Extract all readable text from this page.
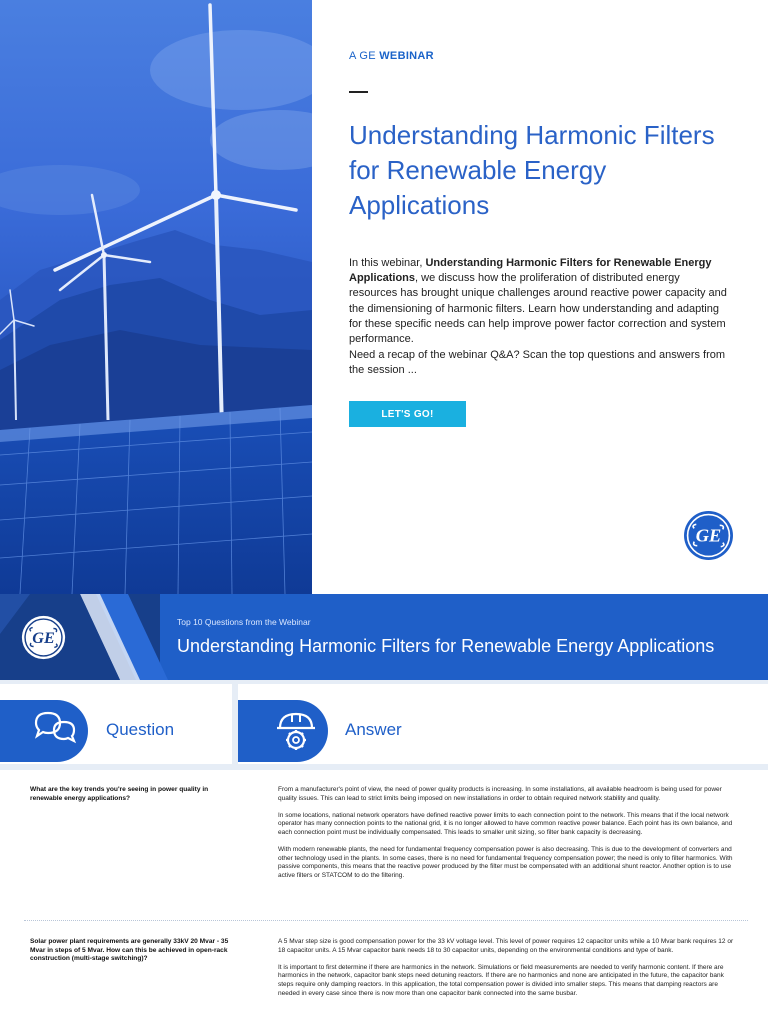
A GE WEBINAR
Understanding Harmonic Filters for Renewable Energy Applications

In this webinar, Understanding Harmonic Filters for Renewable Energy Applications, we discuss how the proliferation of distributed energy resources has brought unique challenges around reactive power capacity and the dimensioning of harmonic filters. Learn how understanding and adapting for these specific needs can help improve power factor correction and system performance.

Need a recap of the webinar Q&A? Scan the top questions and answers from the session ...

LET'S GO!
GE
GE
Top 10 Questions from the Webinar
Understanding Harmonic Filters for Renewable Energy Applications
Question	Answer
What are the key trends you're seeing in power quality in renewable energy applications?

From a manufacturer's point of view, the need of power quality products is increasing. In some installations, all available headroom is being used for power quality issues. This can lead to strict limits being imposed on new installations in order to obtain required network stability and quality.

In some locations, national network operators have defined reactive power limits to each connection point to the network. This means that if the local network operator has many connection points to the national grid, it is no longer allowed to have common reactive power balance. Each point has its own balance, and each connection point must be individually compensated. This leads to smaller unit sizing, so filter bank capacity is decreasing.

With modern renewable plants, the need for fundamental frequency compensation power is also decreasing. This is due to the development of converters and other technology used in the plants. In some cases, there is no need for fundamental frequency compensation power; the need is only to filter harmonics. With passive components, this means that the reactive power produced by the filter must be compensated with an additional shunt reactor. Another option is to use active filters or STATCOM to do the filtering.

Solar power plant requirements are generally 33kV 20 Mvar - 35 Mvar in steps of 5 Mvar. How can this be achieved in open-rack construction (multi-stage switching)?

A 5 Mvar step size is good compensation power for the 33 kV voltage level. This level of power requires 12 capacitor units while a 10 Mvar bank requires 12 or 18 capacitor units. A 15 Mvar capacitor bank needs 18 to 30 capacitor units, depending on the environmental conditions and type of bank.

It is important to first determine if there are harmonics in the network. Simulations or field measurements are needed to verify harmonic content. If there are harmonics in the network, capacitor bank steps need detuning reactors. If there are no harmonics and none are anticipated in the future, the capacitor bank steps require only damping reactors. In this application, the total compensation power is divided into smaller steps. This means that damping reactors are needed in every case since there is now more than one capacitor bank connected into the same busbar.
